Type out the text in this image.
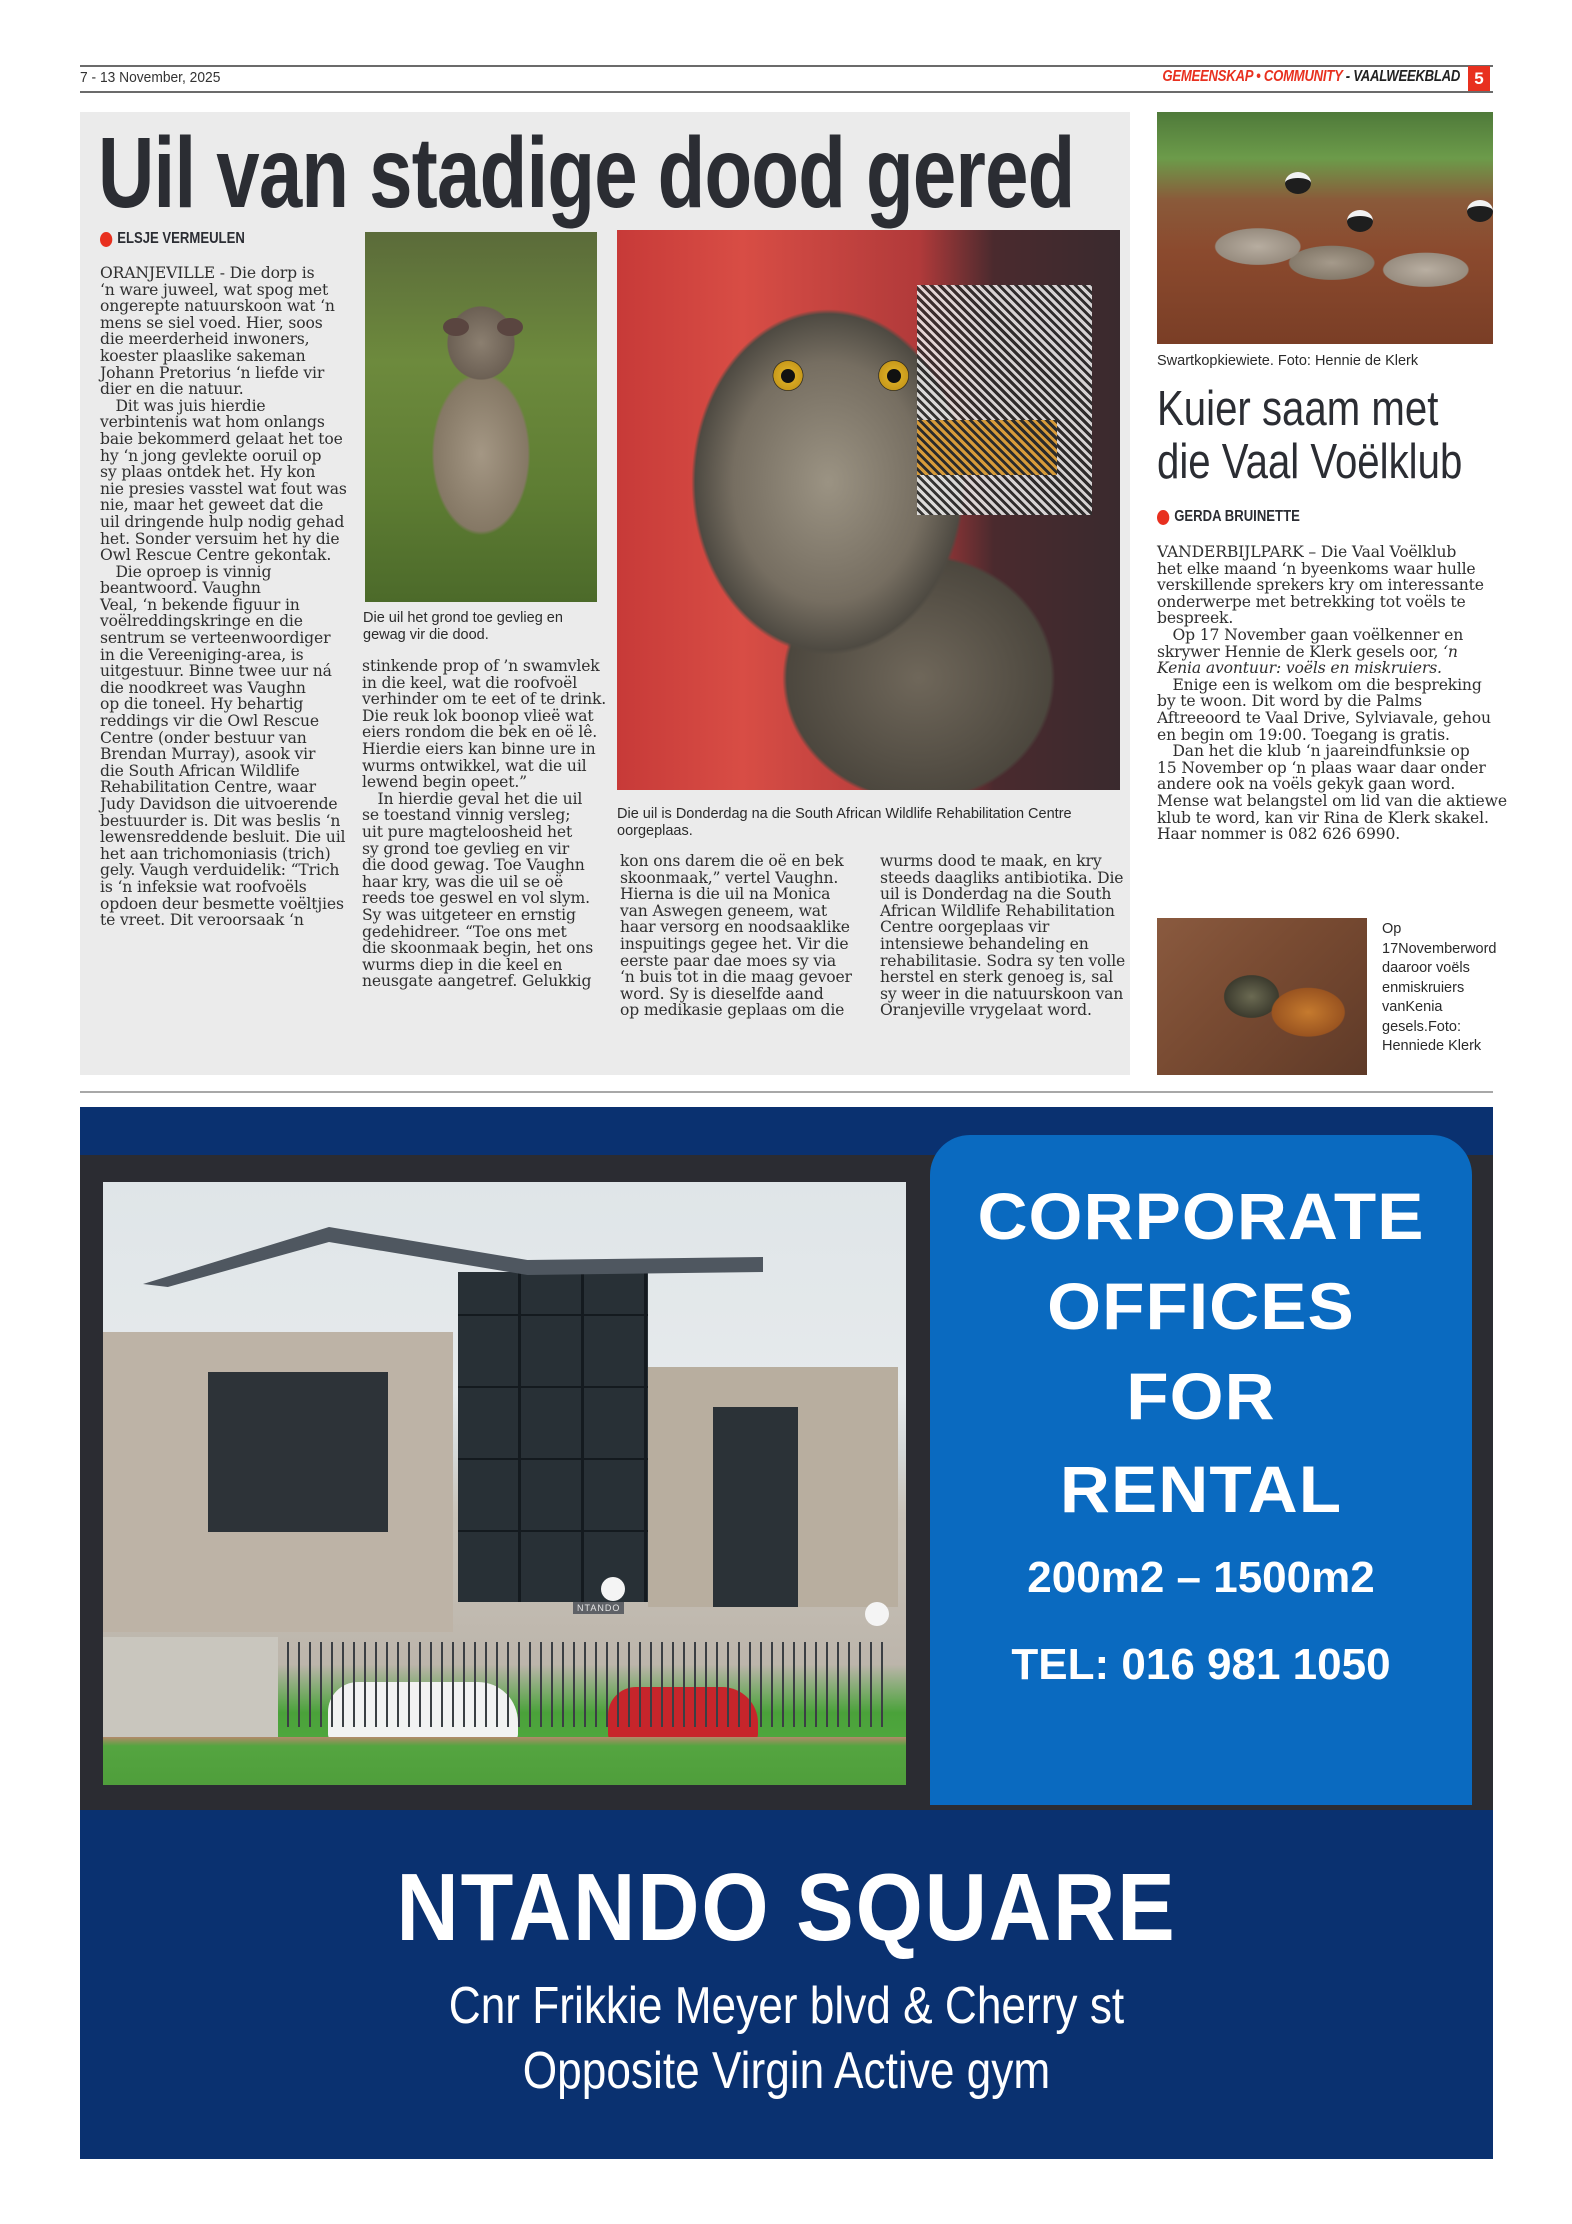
7 - 13 November, 2025	GEMEENSKAP • COMMUNITY - VAALWEEKBLAD 5
Uil van stadige dood gered
ELSJE VERMEULEN
ORANJEVILLE - Die dorp is
‘n ware juweel, wat spog met
ongerepte natuurskoon wat ‘n
mens se siel voed. Hier, soos
die meerderheid inwoners,
koester plaaslike sakeman
Johann Pretorius ‘n liefde vir
dier en die natuur.
 Dit was juis hierdie
verbintenis wat hom onlangs
baie bekommerd gelaat het toe
hy ‘n jong gevlekte ooruil op
sy plaas ontdek het. Hy kon
nie presies vasstel wat fout was
nie, maar het geweet dat die
uil dringende hulp nodig gehad
het. Sonder versuim het hy die
Owl Rescue Centre gekontak.
 Die oproep is vinnig
beantwoord. Vaughn
Veal, ‘n bekende figuur in
voëlreddingskringe en die
sentrum se verteenwoordiger
in die Vereeniging-area, is
uitgestuur. Binne twee uur ná
die noodkreet was Vaughn
op die toneel. Hy behartig
reddings vir die Owl Rescue
Centre (onder bestuur van
Brendan Murray), asook vir
die South African Wildlife
Rehabilitation Centre, waar
Judy Davidson die uitvoerende
bestuurder is. Dit was beslis ‘n
lewensreddende besluit. Die uil
het aan trichomoniasis (trich)
gely. Vaugh verduidelik: “Trich
is ‘n infeksie wat roofvoëls
opdoen deur besmette voëltjies
te vreet. Dit veroorsaak ‘n
Die uil het grond toe gevlieg en gewag vir die dood.
stinkende prop of ’n swamvlek
in die keel, wat die roofvoël
verhinder om te eet of te drink.
Die reuk lok boonop vlieë wat
eiers rondom die bek en oë lê.
Hierdie eiers kan binne ure in
wurms ontwikkel, wat die uil
lewend begin opeet.”
 In hierdie geval het die uil
se toestand vinnig versleg;
uit pure magteloosheid het
sy grond toe gevlieg en vir
die dood gewag. Toe Vaughn
haar kry, was die uil se oë
reeds toe geswel en vol slym.
Sy was uitgeteer en ernstig
gedehidreer. “Toe ons met
die skoonmaak begin, het ons
wurms diep in die keel en
neusgate aangetref. Gelukkig
Die uil is Donderdag na die South African Wildlife Rehabilitation Centre oorgeplaas.
kon ons darem die oë en bek
skoonmaak,” vertel Vaughn.
Hierna is die uil na Monica
van Aswegen geneem, wat
haar versorg en noodsaaklike
inspuitings gegee het. Vir die
eerste paar dae moes sy via
‘n buis tot in die maag gevoer
word. Sy is dieselfde aand
op medikasie geplaas om die
wurms dood te maak, en kry
steeds daagliks antibiotika. Die
uil is Donderdag na die South
African Wildlife Rehabilitation
Centre oorgeplaas vir
intensiewe behandeling en
rehabilitasie. Sodra sy ten volle
herstel en sterk genoeg is, sal
sy weer in die natuurskoon van
Oranjeville vrygelaat word.
Swartkopkiewiete. Foto: Hennie de Klerk
Kuier saam met
die Vaal Voëlklub
GERDA BRUINETTE
VANDERBIJLPARK – Die Vaal Voëlklub
het elke maand ‘n byeenkoms waar hulle
verskillende sprekers kry om interessante
onderwerpe met betrekking tot voëls te
bespreek.
 Op 17 November gaan voëlkenner en
skrywer Hennie de Klerk gesels oor, ‘n
Kenia avontuur: voëls en miskruiers.
 Enige een is welkom om die bespreking
by te woon. Dit word by die Palms
Aftreeoord te Vaal Drive, Sylviavale, gehou
en begin om 19:00. Toegang is gratis.
 Dan het die klub ‘n jaareindfunksie op
15 November op ‘n plaas waar daar onder
andere ook na voëls gekyk gaan word.
Mense wat belangstel om lid van die aktiewe
klub te word, kan vir Rina de Klerk skakel.
Haar nommer is 082 626 6990.
Op 17Novemberword daaroor voëls enmiskruiers vanKenia gesels.Foto: Henniede Klerk
NTANDO
CORPORATE
OFFICES
FOR
RENTAL
200m2 – 1500m2
TEL: 016 981 1050
NTANDO SQUARE
Cnr Frikkie Meyer blvd & Cherry st
Opposite Virgin Active gym
